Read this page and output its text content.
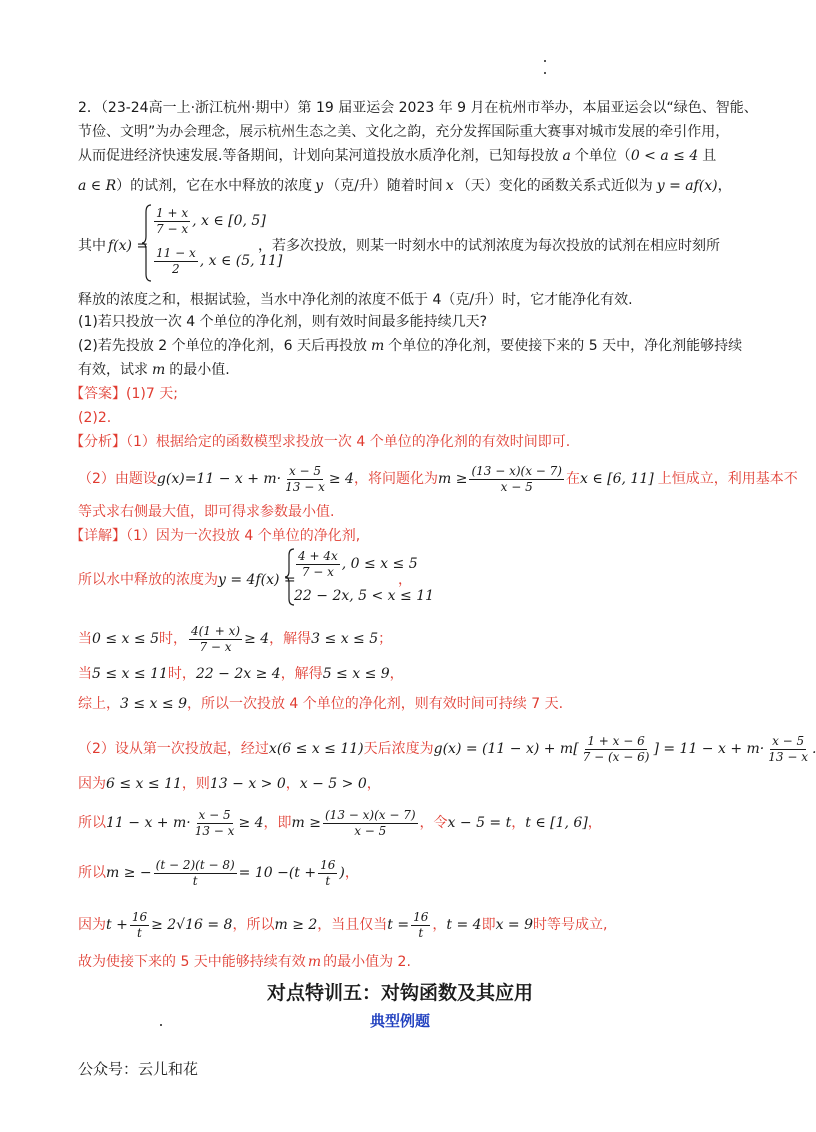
2．（23-24高一上·浙江杭州·期中）第 19 届亚运会 2023 年 9 月在杭州市举办，本届亚运会以“绿色、智能、
节俭、文明”为办会理念，展示杭州生态之美、文化之韵，充分发挥国际重大赛事对城市发展的牵引作用，
从而促进经济快速发展.等备期间，计划向某河道投放水质净化剂，已知每投放 a 个单位（0 < a ≤ 4 且
a ∈ R）的试剂，它在水中释放的浓度 y （克/升）随着时间 x （天）变化的函数关系式近似为 y = af(x)，
其中 f(x) =
$\frac{1 + x}{7 - x}$ , x ∈ [0, 5]
$\frac{11 - x}{2}$ , x ∈ (5, 11]
，若多次投放，则某一时刻水中的试剂浓度为每次投放的试剂在相应时刻所
释放的浓度之和，根据试验，当水中净化剂的浓度不低于 4（克/升）时，它才能净化有效.
(1)若只投放一次 4 个单位的净化剂，则有效时间最多能持续几天?
(2)若先投放 2 个单位的净化剂，6 天后再投放 m 个单位的净化剂，要使接下来的 5 天中，净化剂能够持续
有效，试求 m 的最小值.
【答案】(1)7 天;
(2)2.
【分析】（1）根据给定的函数模型求投放一次 4 个单位的净化剂的有效时间即可.
（2）由题设$g(x)=11 - x + m\cdot \frac{x - 5}{13 - x} \ge 4$，将问题化为$m \ge \frac{(13 - x)(x - 7)}{x - 5}$ 在x ∈ [6, 11] 上恒成立，利用基本不
等式求右侧最大值，即可得求参数最小值.
【详解】（1）因为一次投放 4 个单位的净化剂,
所以水中释放的浓度为y = 4f(x) =
$\frac{4 + 4x}{7 - x}$ , 0 ≤ x ≤ 5
22 − 2x, 5 < x ≤ 11
，
当0 ≤ x ≤ 5时， $\frac{4(1 + x)}{7 - x} \ge 4$，解得3 ≤ x ≤ 5；
当5 ≤ x ≤ 11时，22 − 2x ≥ 4，解得5 ≤ x ≤ 9，
综上，3 ≤ x ≤ 9，所以一次投放 4 个单位的净化剂，则有效时间可持续 7 天.
（2）设从第一次投放起，经过x(6 ≤ x ≤ 11)天后浓度为$g(x) = (11 - x) + m[ \frac{1 + x - 6}{7 - (x - 6)}$ ] = $11 - x + m\cdot \frac{x - 5}{13 - x}$ .
因为6 ≤ x ≤ 11，则13 − x > 0，x − 5 > 0，
所以$11 - x + m\cdot \frac{x - 5}{13 - x} \ge 4$，即$m \ge \frac{(13 - x)(x - 7)}{x - 5}$ ，令x − 5 = t，t ∈ [1, 6]，
所以m ≥ − $\frac{(t - 2)(t - 8)}{t} = 10 -(t + \frac{16}{t}$ )，
因为$t + \frac{16}{t} \ge 2√16 = 8$，所以m ≥ 2，当且仅当$t = \frac{16}{t}$ ，t = 4即x = 9时等号成立,
故为使接下来的 5 天中能够持续有效 m 的最小值为 2.
对点特训五：对钩函数及其应用
典型例题
公众号：云儿和花
